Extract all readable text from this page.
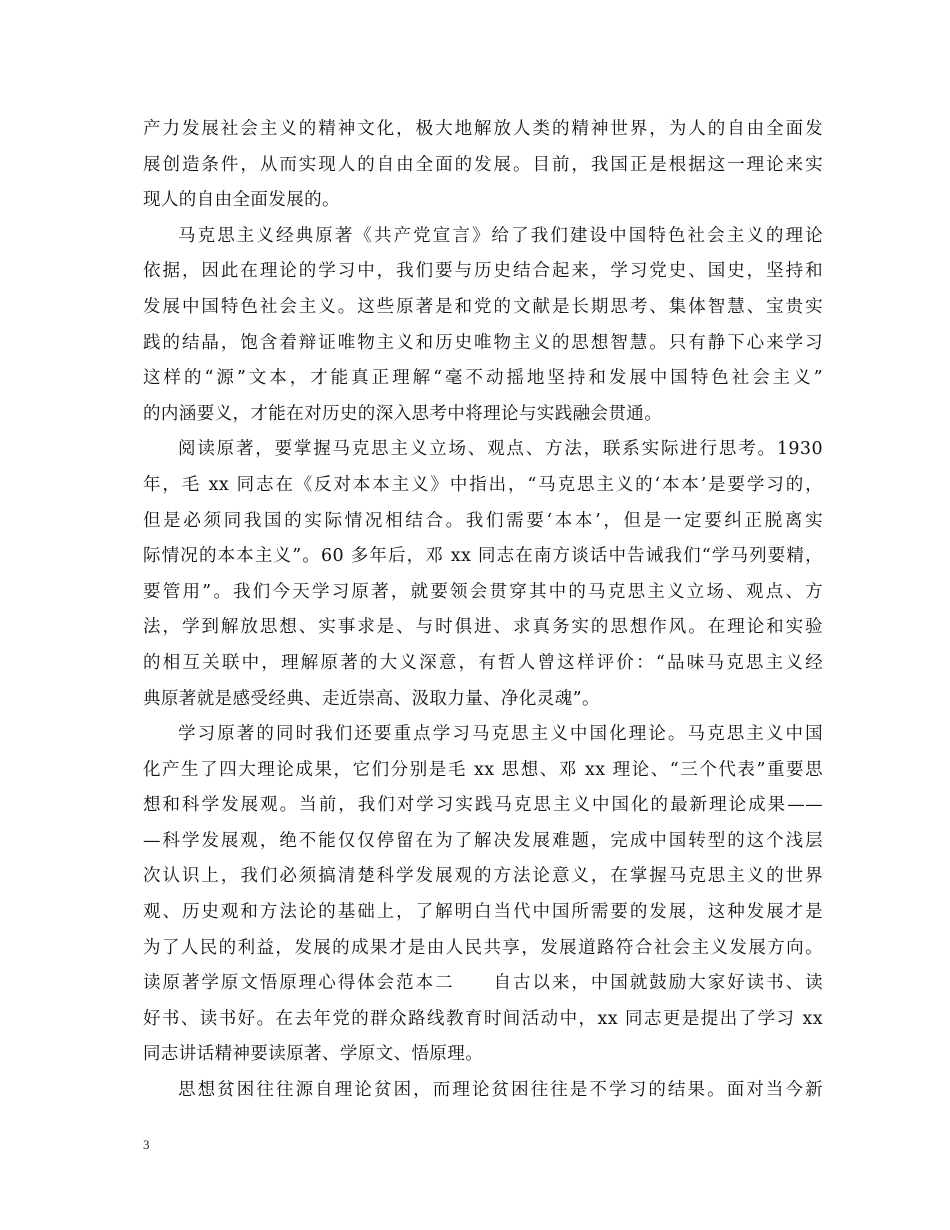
产力发展社会主义的精神文化，极大地解放人类的精神世界，为人的自由全面发
展创造条件，从而实现人的自由全面的发展。目前，我国正是根据这一理论来实
现人的自由全面发展的。
马克思主义经典原著《共产党宣言》给了我们建设中国特色社会主义的理论
依据，因此在理论的学习中，我们要与历史结合起来，学习党史、国史，坚持和
发展中国特色社会主义。这些原著是和党的文献是长期思考、集体智慧、宝贵实
践的结晶，饱含着辩证唯物主义和历史唯物主义的思想智慧。只有静下心来学习
这样的“源”文本，才能真正理解“毫不动摇地坚持和发展中国特色社会主义”
的内涵要义，才能在对历史的深入思考中将理论与实践融会贯通。
阅读原著，要掌握马克思主义立场、观点、方法，联系实际进行思考。1930
年，毛 xx 同志在《反对本本主义》中指出，“马克思主义的‘本本’是要学习的，
但是必须同我国的实际情况相结合。我们需要‘本本’，但是一定要纠正脱离实
际情况的本本主义”。60 多年后，邓 xx 同志在南方谈话中告诫我们“学马列要精，
要管用”。我们今天学习原著，就要领会贯穿其中的马克思主义立场、观点、方
法，学到解放思想、实事求是、与时俱进、求真务实的思想作风。在理论和实验
的相互关联中，理解原著的大义深意，有哲人曾这样评价：“品味马克思主义经
典原著就是感受经典、走近崇高、汲取力量、净化灵魂”。
学习原著的同时我们还要重点学习马克思主义中国化理论。马克思主义中国
化产生了四大理论成果，它们分别是毛 xx 思想、邓 xx 理论、“三个代表”重要思
想和科学发展观。当前，我们对学习实践马克思主义中国化的最新理论成果——
—科学发展观，绝不能仅仅停留在为了解决发展难题，完成中国转型的这个浅层
次认识上，我们必须搞清楚科学发展观的方法论意义，在掌握马克思主义的世界
观、历史观和方法论的基础上，了解明白当代中国所需要的发展，这种发展才是
为了人民的利益，发展的成果才是由人民共享，发展道路符合社会主义发展方向。
读原著学原文悟原理心得体会范本二　　自古以来，中国就鼓励大家好读书、读
好书、读书好。在去年党的群众路线教育时间活动中，xx 同志更是提出了学习 xx
同志讲话精神要读原著、学原文、悟原理。
思想贫困往往源自理论贫困，而理论贫困往往是不学习的结果。面对当今新
3
